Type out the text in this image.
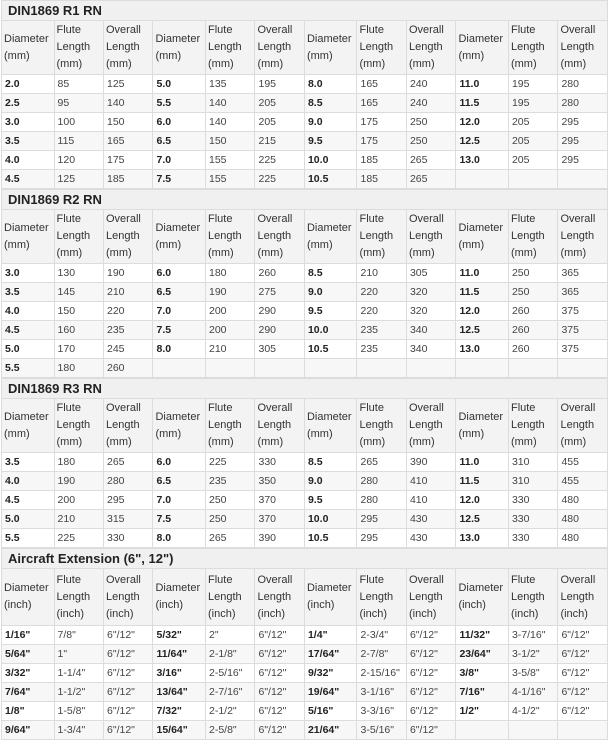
DIN1869 R1 RN
Diameter
(mm)	Flute
Length
(mm)	Overall
Length
(mm)	Diameter
(mm)	Flute
Length
(mm)	Overall
Length
(mm)	Diameter
(mm)	Flute
Length
(mm)	Overall
Length
(mm)	Diameter
(mm)	Flute
Length
(mm)	Overall
Length
(mm)

2.0	85	125	5.0	135	195	8.0	165	240	11.0	195	280
2.5	95	140	5.5	140	205	8.5	165	240	11.5	195	280
3.0	100	150	6.0	140	205	9.0	175	250	12.0	205	295
3.5	115	165	6.5	150	215	9.5	175	250	12.5	205	295
4.0	120	175	7.0	155	225	10.0	185	265	13.0	205	295
4.5	125	185	7.5	155	225	10.5	185	265			
DIN1869 R2 RN
Diameter
(mm)	Flute
Length
(mm)	Overall
Length
(mm)	Diameter
(mm)	Flute
Length
(mm)	Overall
Length
(mm)	Diameter
(mm)	Flute
Length
(mm)	Overall
Length
(mm)	Diameter
(mm)	Flute
Length
(mm)	Overall
Length
(mm)

3.0	130	190	6.0	180	260	8.5	210	305	11.0	250	365
3.5	145	210	6.5	190	275	9.0	220	320	11.5	250	365
4.0	150	220	7.0	200	290	9.5	220	320	12.0	260	375
4.5	160	235	7.5	200	290	10.0	235	340	12.5	260	375
5.0	170	245	8.0	210	305	10.5	235	340	13.0	260	375
5.5	180	260									
DIN1869 R3 RN
Diameter
(mm)	Flute
Length
(mm)	Overall
Length
(mm)	Diameter
(mm)	Flute
Length
(mm)	Overall
Length
(mm)	Diameter
(mm)	Flute
Length
(mm)	Overall
Length
(mm)	Diameter
(mm)	Flute
Length
(mm)	Overall
Length
(mm)

3.5	180	265	6.0	225	330	8.5	265	390	11.0	310	455
4.0	190	280	6.5	235	350	9.0	280	410	11.5	310	455
4.5	200	295	7.0	250	370	9.5	280	410	12.0	330	480
5.0	210	315	7.5	250	370	10.0	295	430	12.5	330	480
5.5	225	330	8.0	265	390	10.5	295	430	13.0	330	480
Aircraft Extension (6", 12")
Diameter
(inch)	Flute
Length
(inch)	Overall
Length
(inch)	Diameter
(inch)	Flute
Length
(inch)	Overall
Length
(inch)	Diameter
(inch)	Flute
Length
(inch)	Overall
Length
(inch)	Diameter
(inch)	Flute
Length
(inch)	Overall
Length
(inch)

1/16"	7/8"	6"/12"	5/32"	2"	6"/12"	1/4"	2-3/4"	6"/12"	11/32"	3-7/16"	6"/12"
5/64"	1"	6"/12"	11/64"	2-1/8"	6"/12"	17/64"	2-7/8"	6"/12"	23/64"	3-1/2"	6"/12"
3/32"	1-1/4"	6"/12"	3/16"	2-5/16"	6"/12"	9/32"	2-15/16"	6"/12"	3/8"	3-5/8"	6"/12"
7/64"	1-1/2"	6"/12"	13/64"	2-7/16"	6"/12"	19/64"	3-1/16"	6"/12"	7/16"	4-1/16"	6"/12"
1/8"	1-5/8"	6"/12"	7/32"	2-1/2"	6"/12"	5/16"	3-3/16"	6"/12"	1/2"	4-1/2"	6"/12"
9/64"	1-3/4"	6"/12"	15/64"	2-5/8"	6"/12"	21/64"	3-5/16"	6"/12"			
